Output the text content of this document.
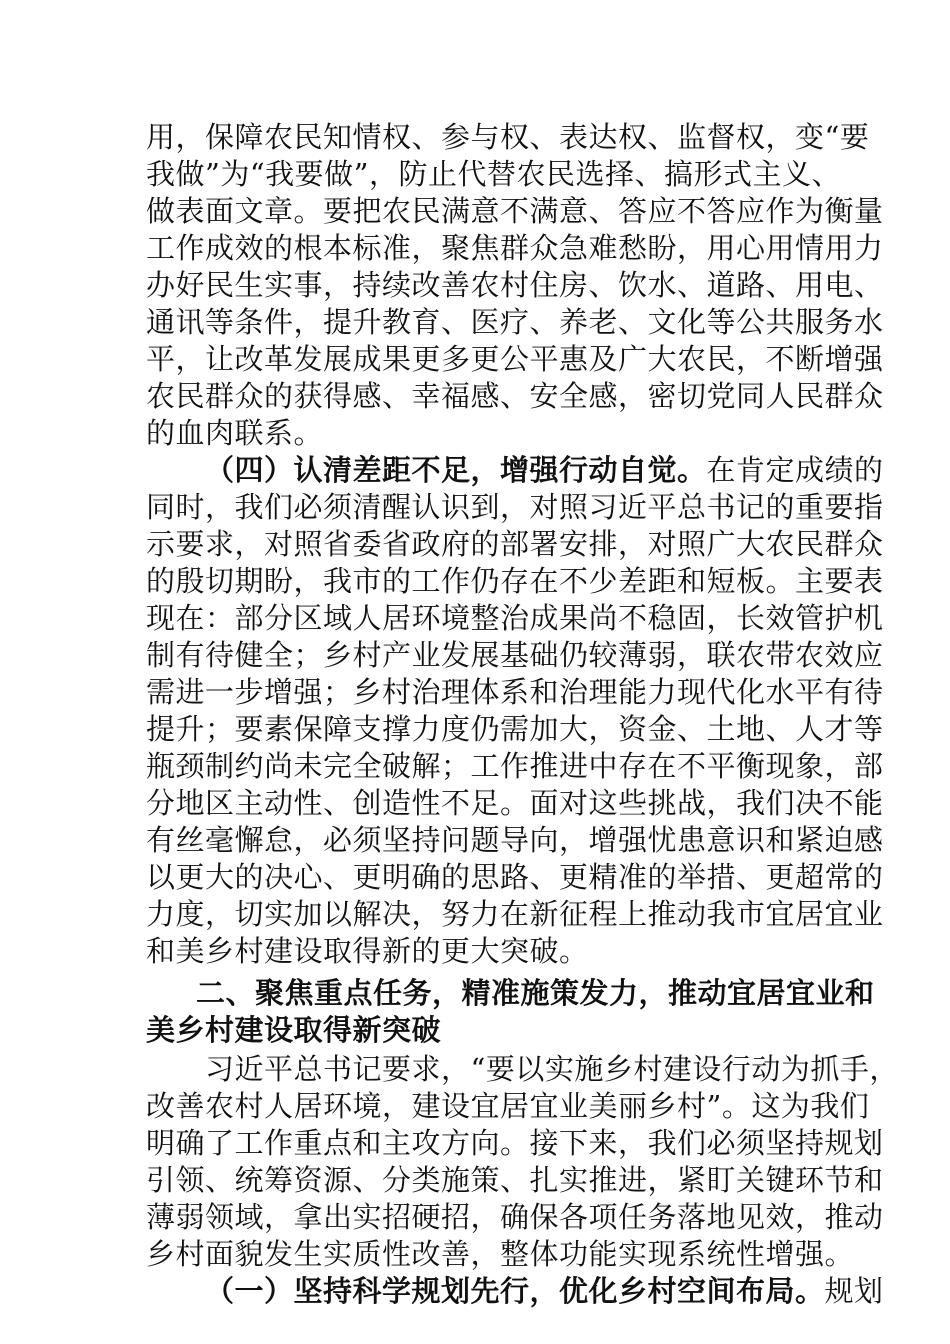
用，保障农民知情权、参与权、表达权、监督权，变“要
我做”为“我要做”，防止代替农民选择、搞形式主义、
做表面文章。要把农民满意不满意、答应不答应作为衡量
工作成效的根本标准，聚焦群众急难愁盼，用心用情用力
办好民生实事，持续改善农村住房、饮水、道路、用电、
通讯等条件，提升教育、医疗、养老、文化等公共服务水
平，让改革发展成果更多更公平惠及广大农民，不断增强
农民群众的获得感、幸福感、安全感，密切党同人民群众
的血肉联系。
（四）认清差距不足，增强行动自觉。在肯定成绩的
同时，我们必须清醒认识到，对照习近平总书记的重要指
示要求，对照省委省政府的部署安排，对照广大农民群众
的殷切期盼，我市的工作仍存在不少差距和短板。主要表
现在：部分区域人居环境整治成果尚不稳固，长效管护机
制有待健全；乡村产业发展基础仍较薄弱，联农带农效应
需进一步增强；乡村治理体系和治理能力现代化水平有待
提升；要素保障支撑力度仍需加大，资金、土地、人才等
瓶颈制约尚未完全破解；工作推进中存在不平衡现象，部
分地区主动性、创造性不足。面对这些挑战，我们决不能
有丝毫懈怠，必须坚持问题导向，增强忧患意识和紧迫感
以更大的决心、更明确的思路、更精准的举措、更超常的
力度，切实加以解决，努力在新征程上推动我市宜居宜业
和美乡村建设取得新的更大突破。
二、聚焦重点任务，精准施策发力，推动宜居宜业和
美乡村建设取得新突破
习近平总书记要求，“要以实施乡村建设行动为抓手，
改善农村人居环境，建设宜居宜业美丽乡村”。这为我们
明确了工作重点和主攻方向。接下来，我们必须坚持规划
引领、统筹资源、分类施策、扎实推进，紧盯关键环节和
薄弱领域，拿出实招硬招，确保各项任务落地见效，推动
乡村面貌发生实质性改善，整体功能实现系统性增强。
（一）坚持科学规划先行，优化乡村空间布局。规划
